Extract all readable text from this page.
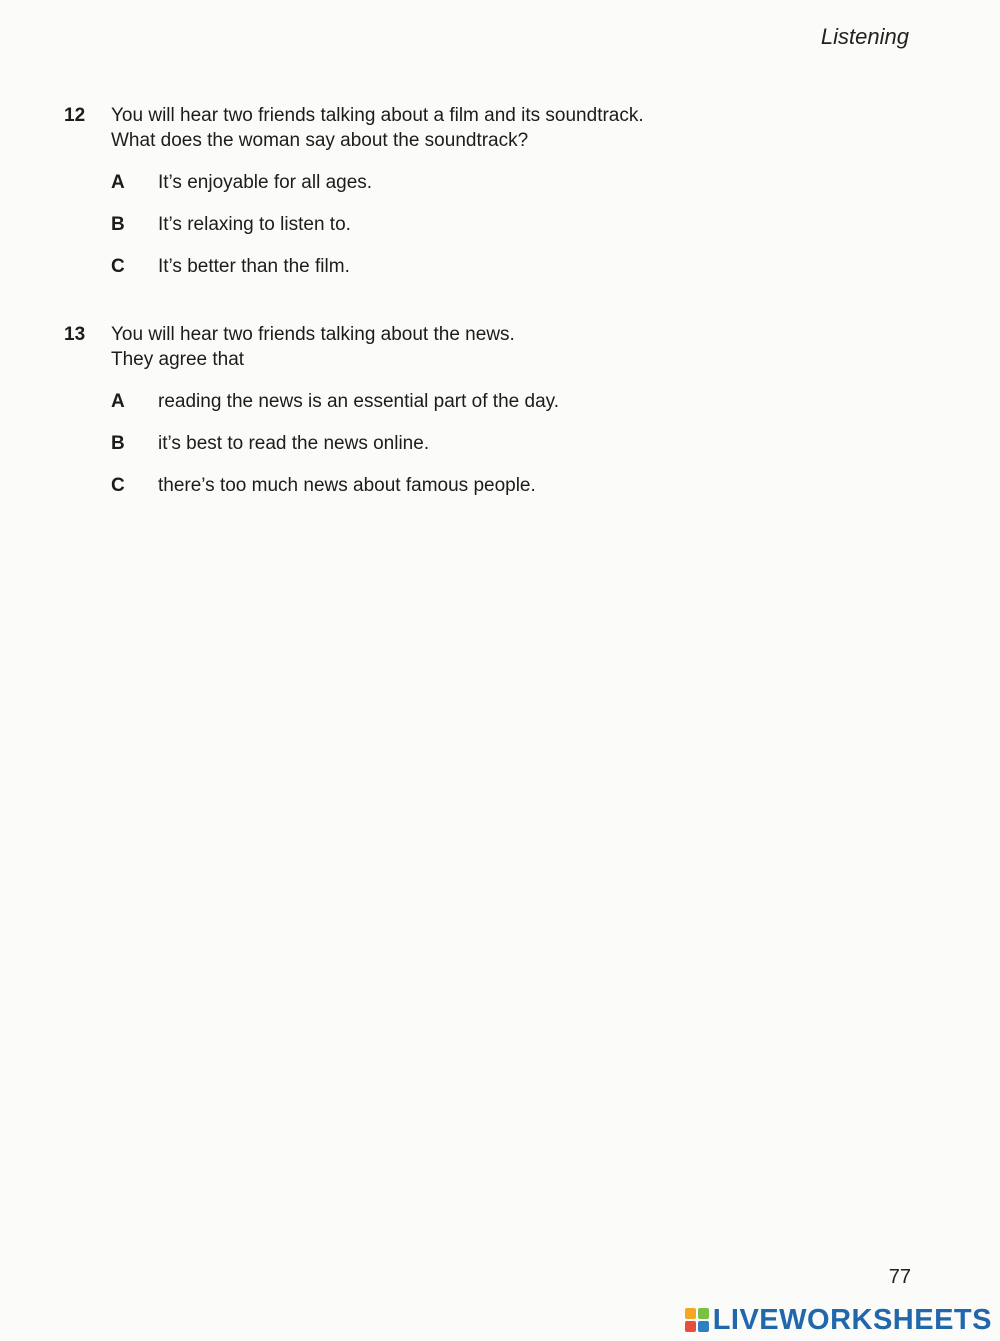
Listening
12 You will hear two friends talking about a film and its soundtrack.
What does the woman say about the soundtrack?
A It’s enjoyable for all ages.
B It’s relaxing to listen to.
C It’s better than the film.
13 You will hear two friends talking about the news.
They agree that
A reading the news is an essential part of the day.
B it’s best to read the news online.
C there’s too much news about famous people.
77
LIVEWORKSHEETS
